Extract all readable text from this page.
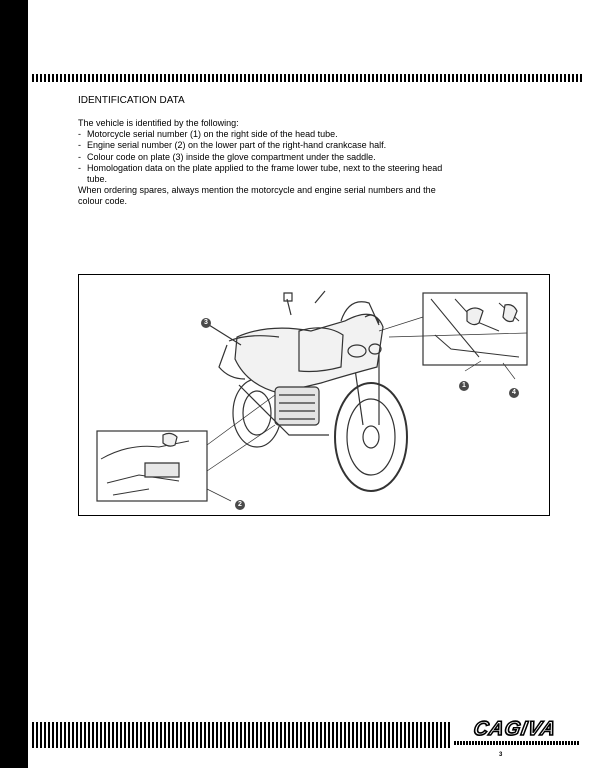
IDENTIFICATION DATA

The vehicle is identified by the following:

- Motorcycle serial number (1) on the right side of the head tube.
- Engine serial number (2) on the lower part of the right-hand crankcase half.
- Colour code on plate (3) inside the glove compartment under the saddle.
- Homologation data on the plate applied to the frame lower tube, next to the steering head tube.

When ordering spares, always mention the motorcycle and engine serial numbers and the colour code.

3
1
4
2
CAGIVA
3
